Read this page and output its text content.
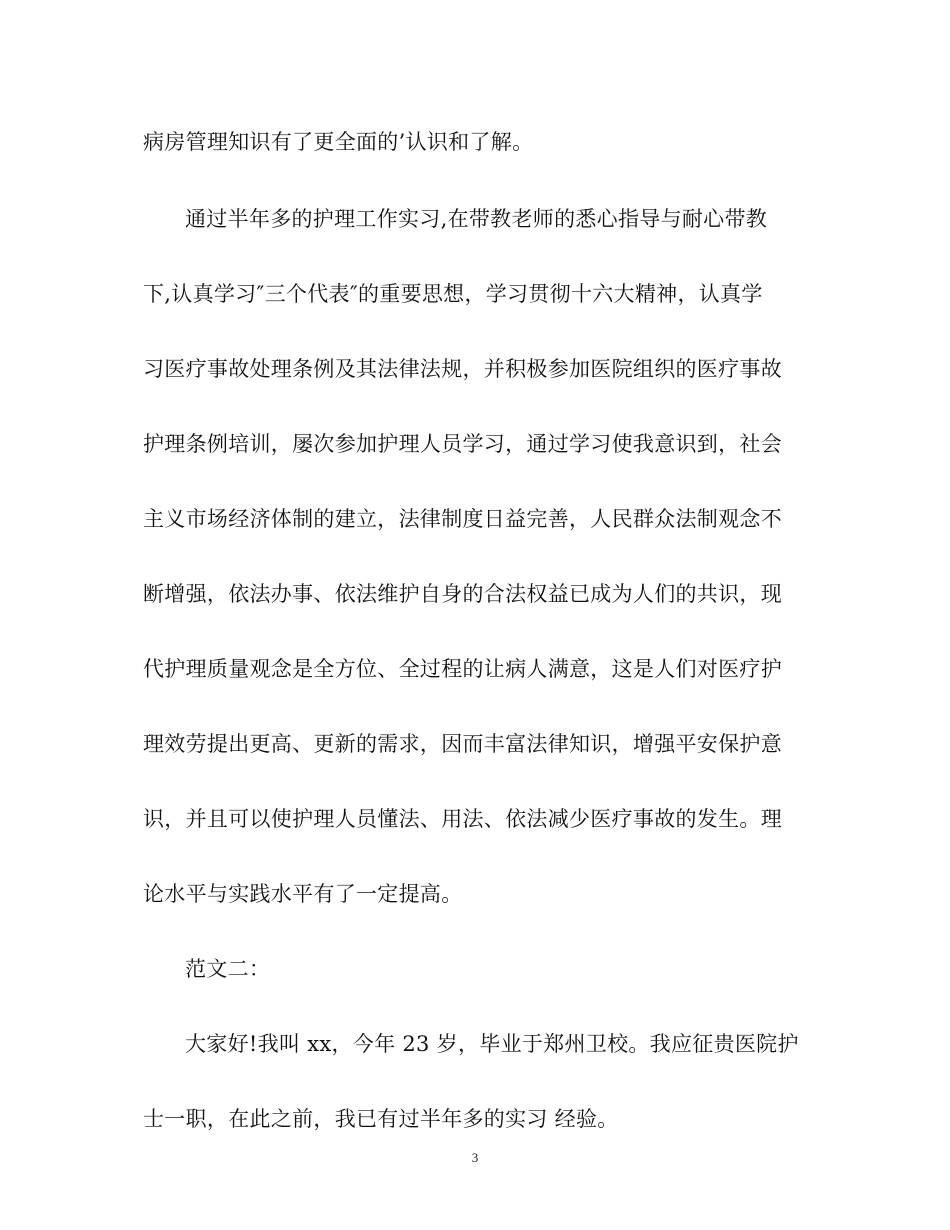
病房管理知识有了更全面的’认识和了解。
通过半年多的护理工作实习,在带教老师的悉心指导与耐心带教
下,认真学习″三个代表″的重要思想，学习贯彻十六大精神，认真学
习医疗事故处理条例及其法律法规，并积极参加医院组织的医疗事故
护理条例培训，屡次参加护理人员学习，通过学习使我意识到，社会
主义市场经济体制的建立，法律制度日益完善，人民群众法制观念不
断增强，依法办事、依法维护自身的合法权益已成为人们的共识，现
代护理质量观念是全方位、全过程的让病人满意，这是人们对医疗护
理效劳提出更高、更新的需求，因而丰富法律知识，增强平安保护意
识，并且可以使护理人员懂法、用法、依法减少医疗事故的发生。理
论水平与实践水平有了一定提高。
范文二：
大家好!我叫 xx，今年 23 岁，毕业于郑州卫校。我应征贵医院护
士一职，在此之前，我已有过半年多的实习 经验。
3
